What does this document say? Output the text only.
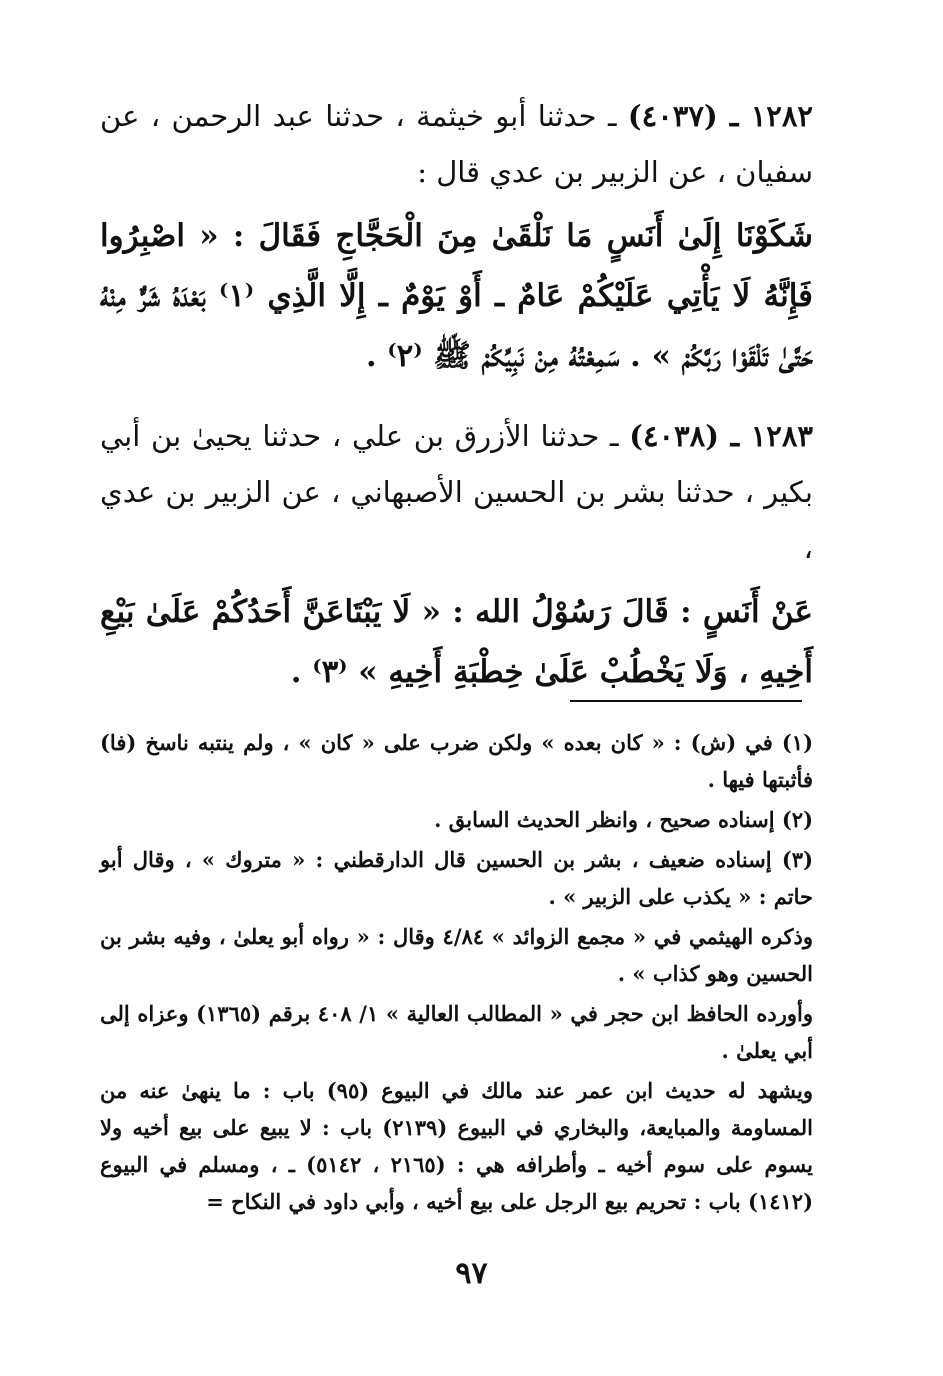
١٢٨٢ ـ (٤٠٣٧) ـ حدثنا أبو خيثمة ، حدثنا عبد الرحمن ، عن سفيان ، عن الزبير بن عدي قال :

شَكَوْنَا إِلَىٰ أَنَسٍ مَا نَلْقَىٰ مِنَ الْحَجَّاجِ فَقَالَ : « اصْبِرُوا فَإِنَّهُ لَا يَأْتِي عَلَيْكُمْ عَامٌ ـ أَوْ يَوْمٌ ـ إِلَّا الَّذِي ⁽١⁾ بَعْدَهُ شَرٌّ مِنْهُ حَتَّىٰ تَلْقَوْا رَبَّكُمْ » . سَمِعْتُهُ مِنْ نَبِيِّكُمْ ﷺ ⁽٢⁾ .

١٢٨٣ ـ (٤٠٣٨) ـ حدثنا الأزرق بن علي ، حدثنا يحيىٰ بن أبي بكير ، حدثنا بشر بن الحسين الأصبهاني ، عن الزبير بن عدي ،

عَنْ أَنَسٍ : قَالَ رَسُوْلُ الله : « لَا يَبْتَاعَنَّ أَحَدُكُمْ عَلَىٰ بَيْعِ أَخِيهِ ، وَلَا يَخْطُبْ عَلَىٰ خِطْبَةِ أَخِيهِ » ⁽٣⁾ .

(١) في (ش) : « كان بعده » ولكن ضرب على « كان » ، ولم ينتبه ناسخ (فا) فأثبتها فيها .

(٢) إسناده صحيح ، وانظر الحديث السابق .

(٣) إسناده ضعيف ، بشر بن الحسين قال الدارقطني : « متروك » ، وقال أبو حاتم : « يكذب على الزبير » .

وذكره الهيثمي في « مجمع الزوائد » ٤/٨٤ وقال : « رواه أبو يعلىٰ ، وفيه بشر بن الحسين وهو كذاب » .

وأورده الحافظ ابن حجر في « المطالب العالية » ١/ ٤٠٨ برقم (١٣٦٥) وعزاه إلى أبي يعلىٰ .

ويشهد له حديث ابن عمر عند مالك في البيوع (٩٥) باب : ما ينهىٰ عنه من المساومة والمبايعة، والبخاري في البيوع (٢١٣٩) باب : لا يبيع على بيع أخيه ولا يسوم على سوم أخيه ـ وأطرافه هي : (٢١٦٥ ، ٥١٤٢) ـ ، ومسلم في البيوع (١٤١٢) باب : تحريم بيع الرجل على بيع أخيه ، وأبي داود في النكاح =

٩٧
